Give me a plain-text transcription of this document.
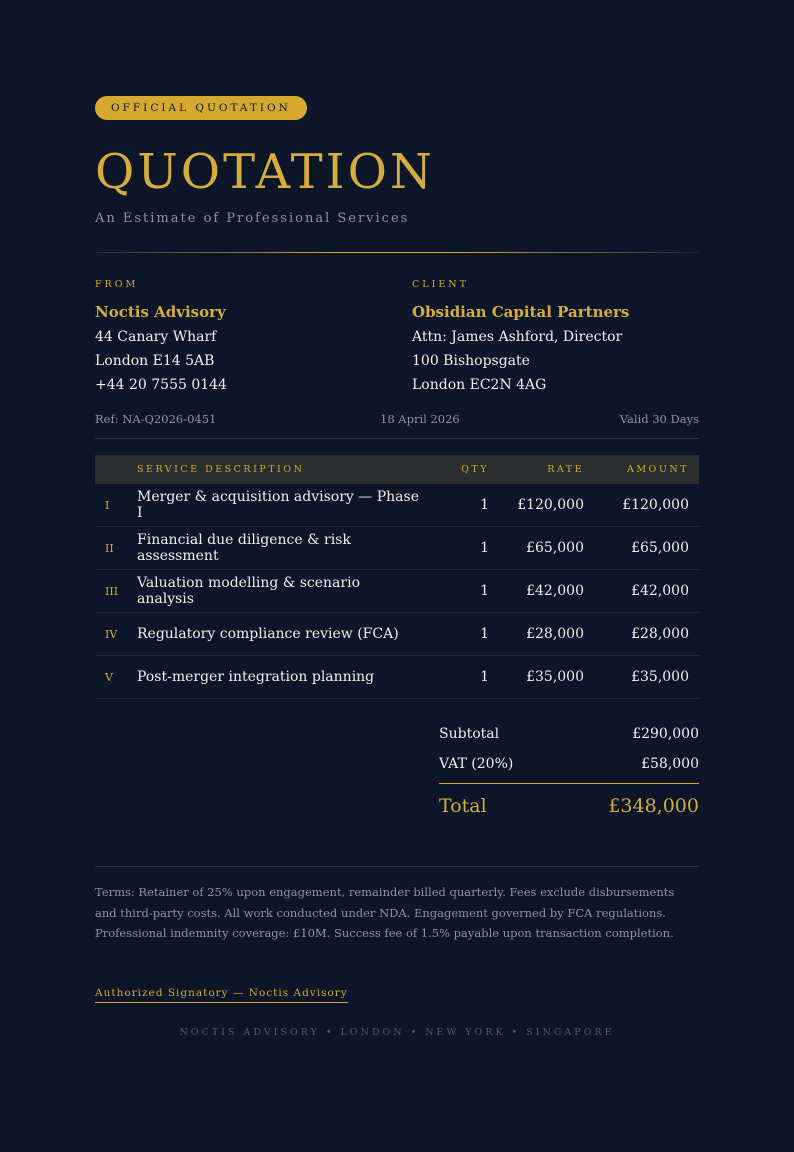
OFFICIAL QUOTATION
QUOTATION
An Estimate of Professional Services
FROM
Noctis Advisory
44 Canary Wharf
London E14 5AB
+44 20 7555 0144
CLIENT
Obsidian Capital Partners
Attn: James Ashford, Director
100 Bishopsgate
London EC2N 4AG
Ref: NA-Q2026-0451	18 April 2026	Valid 30 Days
	SERVICE DESCRIPTION	QTY	RATE	AMOUNT
I	Merger & acquisition advisory — Phase I	1	£120,000	£120,000
II	Financial due diligence & risk assessment	1	£65,000	£65,000
III	Valuation modelling & scenario analysis	1	£42,000	£42,000
IV	Regulatory compliance review (FCA)	1	£28,000	£28,000
V	Post-merger integration planning	1	£35,000	£35,000
Subtotal	£290,000
VAT (20%)	£58,000
Total	£348,000
Terms: Retainer of 25% upon engagement, remainder billed quarterly. Fees exclude disbursements and third-party costs. All work conducted under NDA. Engagement governed by FCA regulations. Professional indemnity coverage: £10M. Success fee of 1.5% payable upon transaction completion.
Authorized Signatory — Noctis Advisory
NOCTIS ADVISORY • LONDON • NEW YORK • SINGAPORE
